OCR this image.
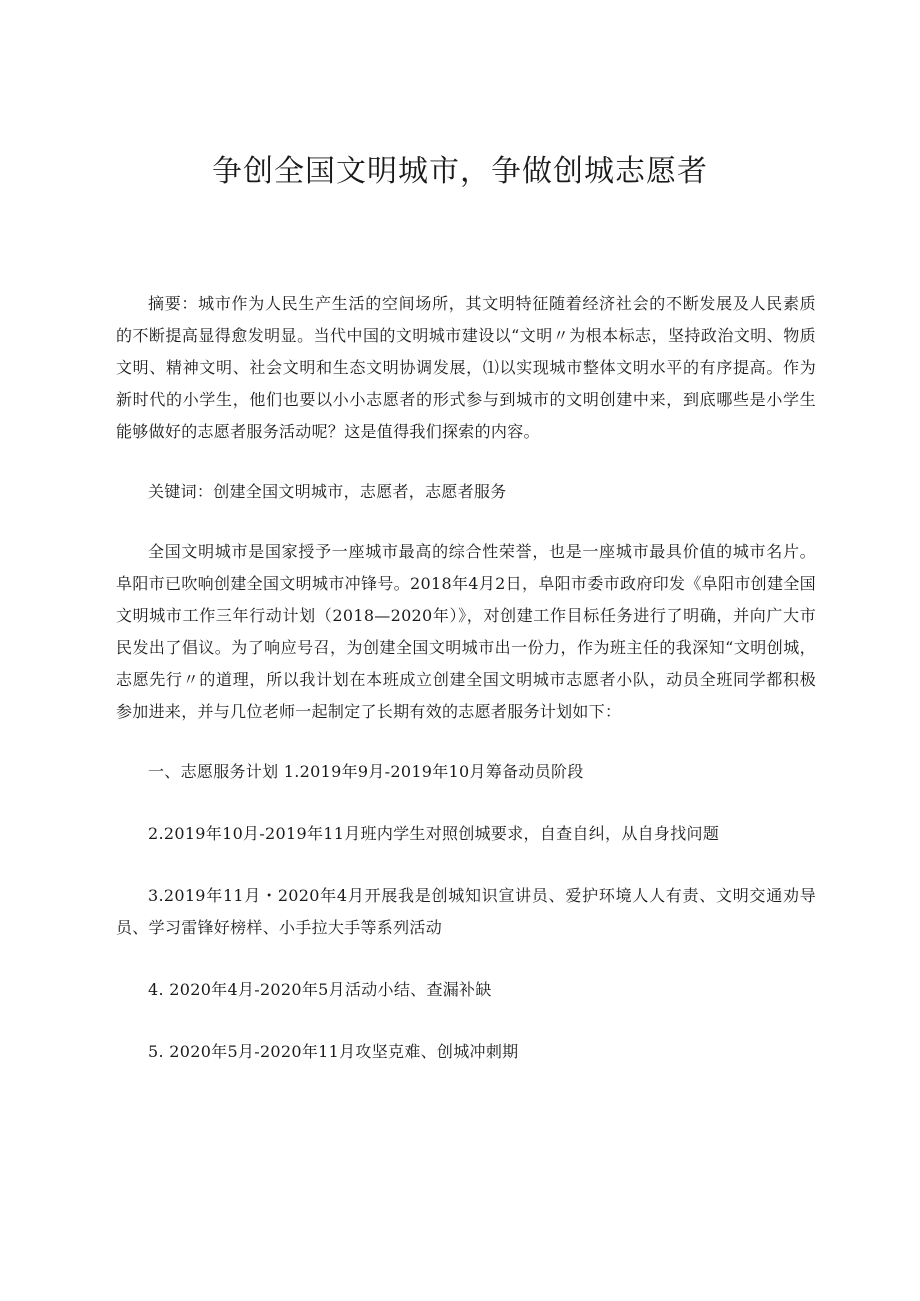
争创全国文明城市，争做创城志愿者

摘要：城市作为人民生产生活的空间场所，其文明特征随着经济社会的不断发展及人民素质的不断提高显得愈发明显。当代中国的文明城市建设以“文明〃为根本标志，坚持政治文明、物质文明、精神文明、社会文明和生态文明协调发展，⑴以实现城市整体文明水平的有序提高。作为新时代的小学生，他们也要以小小志愿者的形式参与到城市的文明创建中来，到底哪些是小学生能够做好的志愿者服务活动呢？这是值得我们探索的内容。

关键词：创建全国文明城市，志愿者，志愿者服务

全国文明城市是国家授予一座城市最高的综合性荣誉，也是一座城市最具价值的城市名片。阜阳市已吹响创建全国文明城市冲锋号。2018年4月2日，阜阳市委市政府印发《阜阳市创建全国文明城市工作三年行动计划（2018—2020年）》，对创建工作目标任务进行了明确，并向广大市民发出了倡议。为了响应号召，为创建全国文明城市出一份力，作为班主任的我深知“文明创城，志愿先行〃的道理，所以我计划在本班成立创建全国文明城市志愿者小队，动员全班同学都积极参加进来，并与几位老师一起制定了长期有效的志愿者服务计划如下：

一、志愿服务计划 1.2019年9月-2019年10月筹备动员阶段

2.2019年10月-2019年11月班内学生对照创城要求，自查自纠，从自身找问题

3.2019年11月・2020年4月开展我是创城知识宣讲员、爱护环境人人有责、文明交通劝导员、学习雷锋好榜样、小手拉大手等系列活动

4. 2020年4月-2020年5月活动小结、查漏补缺

5. 2020年5月-2020年11月攻坚克难、创城冲刺期
